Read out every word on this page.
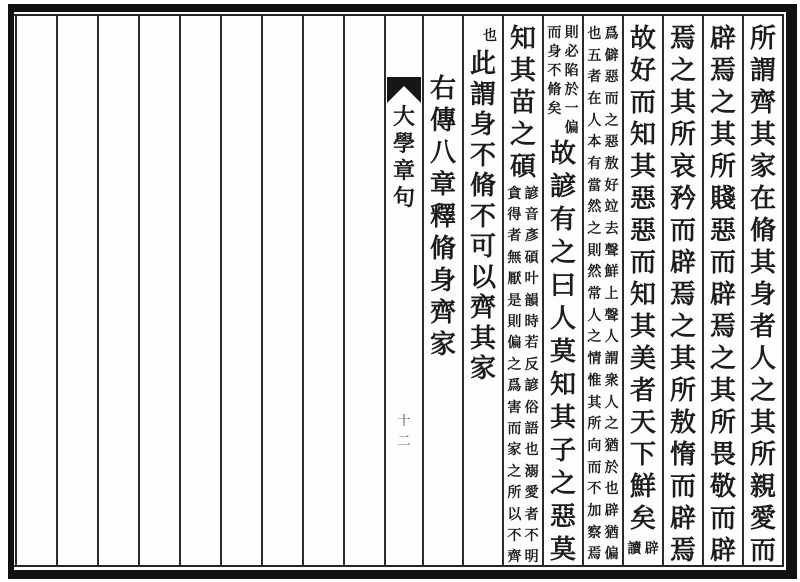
所
謂
齊
其
家
在
脩
其
身
者
人
之
其
所
親
愛
而
辟
焉
之
其
所
賤
惡
而
辟
焉
之
其
所
畏
敬
而
辟
焉
之
其
所
哀
矜
而
辟
焉
之
其
所
敖
惰
而
辟
焉
故
好
而
知
其
惡
惡
而
知
其
美
者
天
下
鮮
矣
辟
讀
爲
僻
惡
而
之
惡
敖
好
竝
去
聲
鮮
上
聲
人
謂
衆
人
之
猶
於
也
辟
猶
偏
也
五
者
在
人
本
有
當
然
之
則
然
常
人
之
情
惟
其
所
向
而
不
加
察
焉
則
必
陷
於
一
偏
而
身
不
脩
矣
故
諺
有
之
曰
人
莫
知
其
子
之
惡
莫
知
其
苗
之
碩
諺
音
彥
碩
叶
韻
時
若
反
諺
俗
語
也
溺
愛
者
不
明
貪
得
者
無
厭
是
則
偏
之
爲
害
而
家
之
所
以
不
齊
也
此
謂
身
不
脩
不
可
以
齊
其
家
右
傳
八
章
釋
脩
身
齊
家
大
學
章
句
十
二
